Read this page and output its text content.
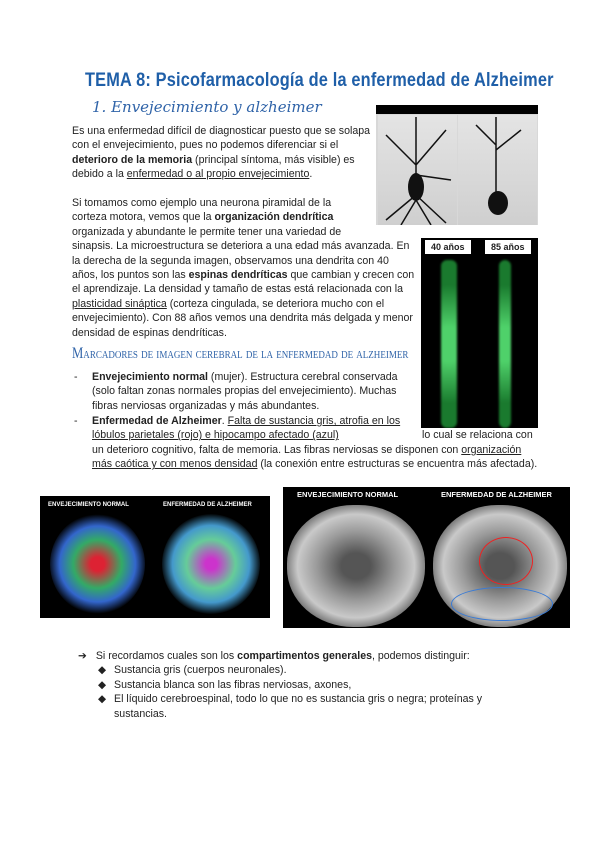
TEMA 8: Psicofarmacología de la enfermedad de Alzheimer
1. Envejecimiento y alzheimer
Es una enfermedad difícil de diagnosticar puesto que se solapa con el envejecimiento, pues no podemos diferenciar si el deterioro de la memoria (principal síntoma, más visible) es debido a la enfermedad o al propio envejecimiento.
Si tomamos como ejemplo una neurona piramidal de la corteza motora, vemos que la organización dendrítica organizada y abundante le permite tener una variedad de sinapsis. La microestructura se deteriora a una edad más avanzada. En la derecha de la segunda imagen, observamos una dendrita con 40 años, los puntos son las espinas dendríticas que cambian y crecen con el aprendizaje. La densidad y tamaño de estas está relacionada con la plasticidad sináptica (corteza cingulada, se deteriora mucho con el envejecimiento). Con 88 años vemos una dendrita más delgada y menor densidad de espinas dendríticas.
40 años	85 años
Marcadores de imagen cerebral de la enfermedad de alzheimer
- Envejecimiento normal (mujer). Estructura cerebral conservada (solo faltan zonas normales propias del envejecimiento). Muchas fibras nerviosas organizadas y más abundantes.
- Enfermedad de Alzheimer. Falta de sustancia gris, atrofia en los lóbulos parietales (rojo) e hipocampo afectado (azul)	lo cual se relaciona con un deterioro cognitivo, falta de memoria. Las fibras nerviosas se disponen con organización más caótica y con menos densidad (la conexión entre estructuras se encuentra más afectada).
ENVEJECIMIENTO NORMAL	ENFERMEDAD DE ALZHEIMER
ENVEJECIMIENTO NORMAL	ENFERMEDAD DE ALZHEIMER
➔ Si recordamos cuales son los compartimentos generales, podemos distinguir:
◆ Sustancia gris (cuerpos neuronales).
◆ Sustancia blanca son las fibras nerviosas, axones,
◆ El líquido cerebroespinal, todo lo que no es sustancia gris o negra; proteínas y sustancias.
